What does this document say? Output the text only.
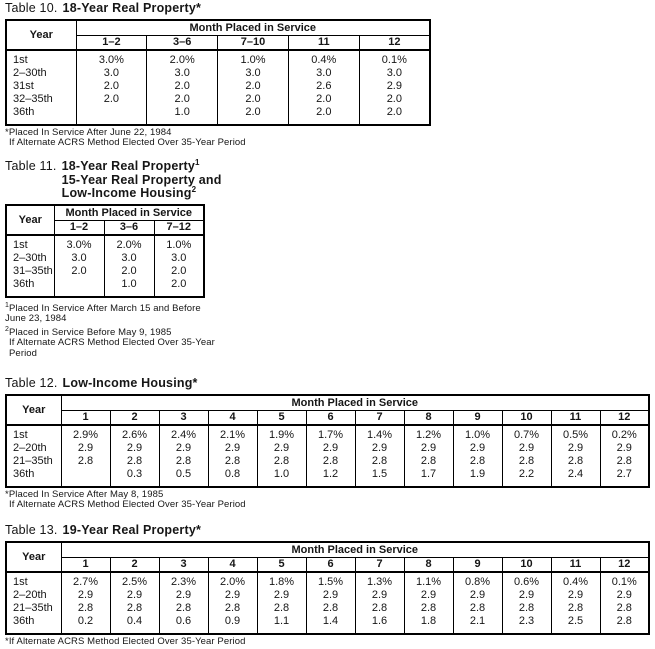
Table 10. 18-Year Real Property*
Year	Month Placed in Service				
	1–2	3–6	7–10	11	12
1st	3.0%	2.0%	1.0%	0.4%	0.1%
2–30th	3.0	3.0	3.0	3.0	3.0
31st	2.0	2.0	2.0	2.6	2.9
32–35th	2.0	2.0	2.0	2.0	2.0
36th		1.0	2.0	2.0	2.0
*Placed In Service After June 22, 1984
If Alternate ACRS Method Elected Over 35-Year Period
Table 11. 18-Year Real Property$^1$
15-Year Real Property and
Low-Income Housing$^2$
Year	Month Placed in Service		
	1–2	3–6	7–12
1st	3.0%	2.0%	1.0%
2–30th	3.0	3.0	3.0
31–35th	2.0	2.0	2.0
36th		1.0	2.0
$^1$Placed In Service After March 15 and Before June 23, 1984
$^2$Placed in Service Before May 9, 1985
If Alternate ACRS Method Elected Over 35-Year Period
Table 12. Low-Income Housing*
Year	Month Placed in Service											
	1	2	3	4	5	6	7	8	9	10	11	12
1st	2.9%	2.6%	2.4%	2.1%	1.9%	1.7%	1.4%	1.2%	1.0%	0.7%	0.5%	0.2%
2–20th	2.9	2.9	2.9	2.9	2.9	2.9	2.9	2.9	2.9	2.9	2.9	2.9
21–35th	2.8	2.8	2.8	2.8	2.8	2.8	2.8	2.8	2.8	2.8	2.8	2.8
36th		0.3	0.5	0.8	1.0	1.2	1.5	1.7	1.9	2.2	2.4	2.7
*Placed In Service After May 8, 1985
If Alternate ACRS Method Elected Over 35-Year Period
Table 13. 19-Year Real Property*
Year	Month Placed in Service											
	1	2	3	4	5	6	7	8	9	10	11	12
1st	2.7%	2.5%	2.3%	2.0%	1.8%	1.5%	1.3%	1.1%	0.8%	0.6%	0.4%	0.1%
2–20th	2.9	2.9	2.9	2.9	2.9	2.9	2.9	2.9	2.9	2.9	2.9	2.9
21–35th	2.8	2.8	2.8	2.8	2.8	2.8	2.8	2.8	2.8	2.8	2.8	2.8
36th	0.2	0.4	0.6	0.9	1.1	1.4	1.6	1.8	2.1	2.3	2.5	2.8
*If Alternate ACRS Method Elected Over 35-Year Period
